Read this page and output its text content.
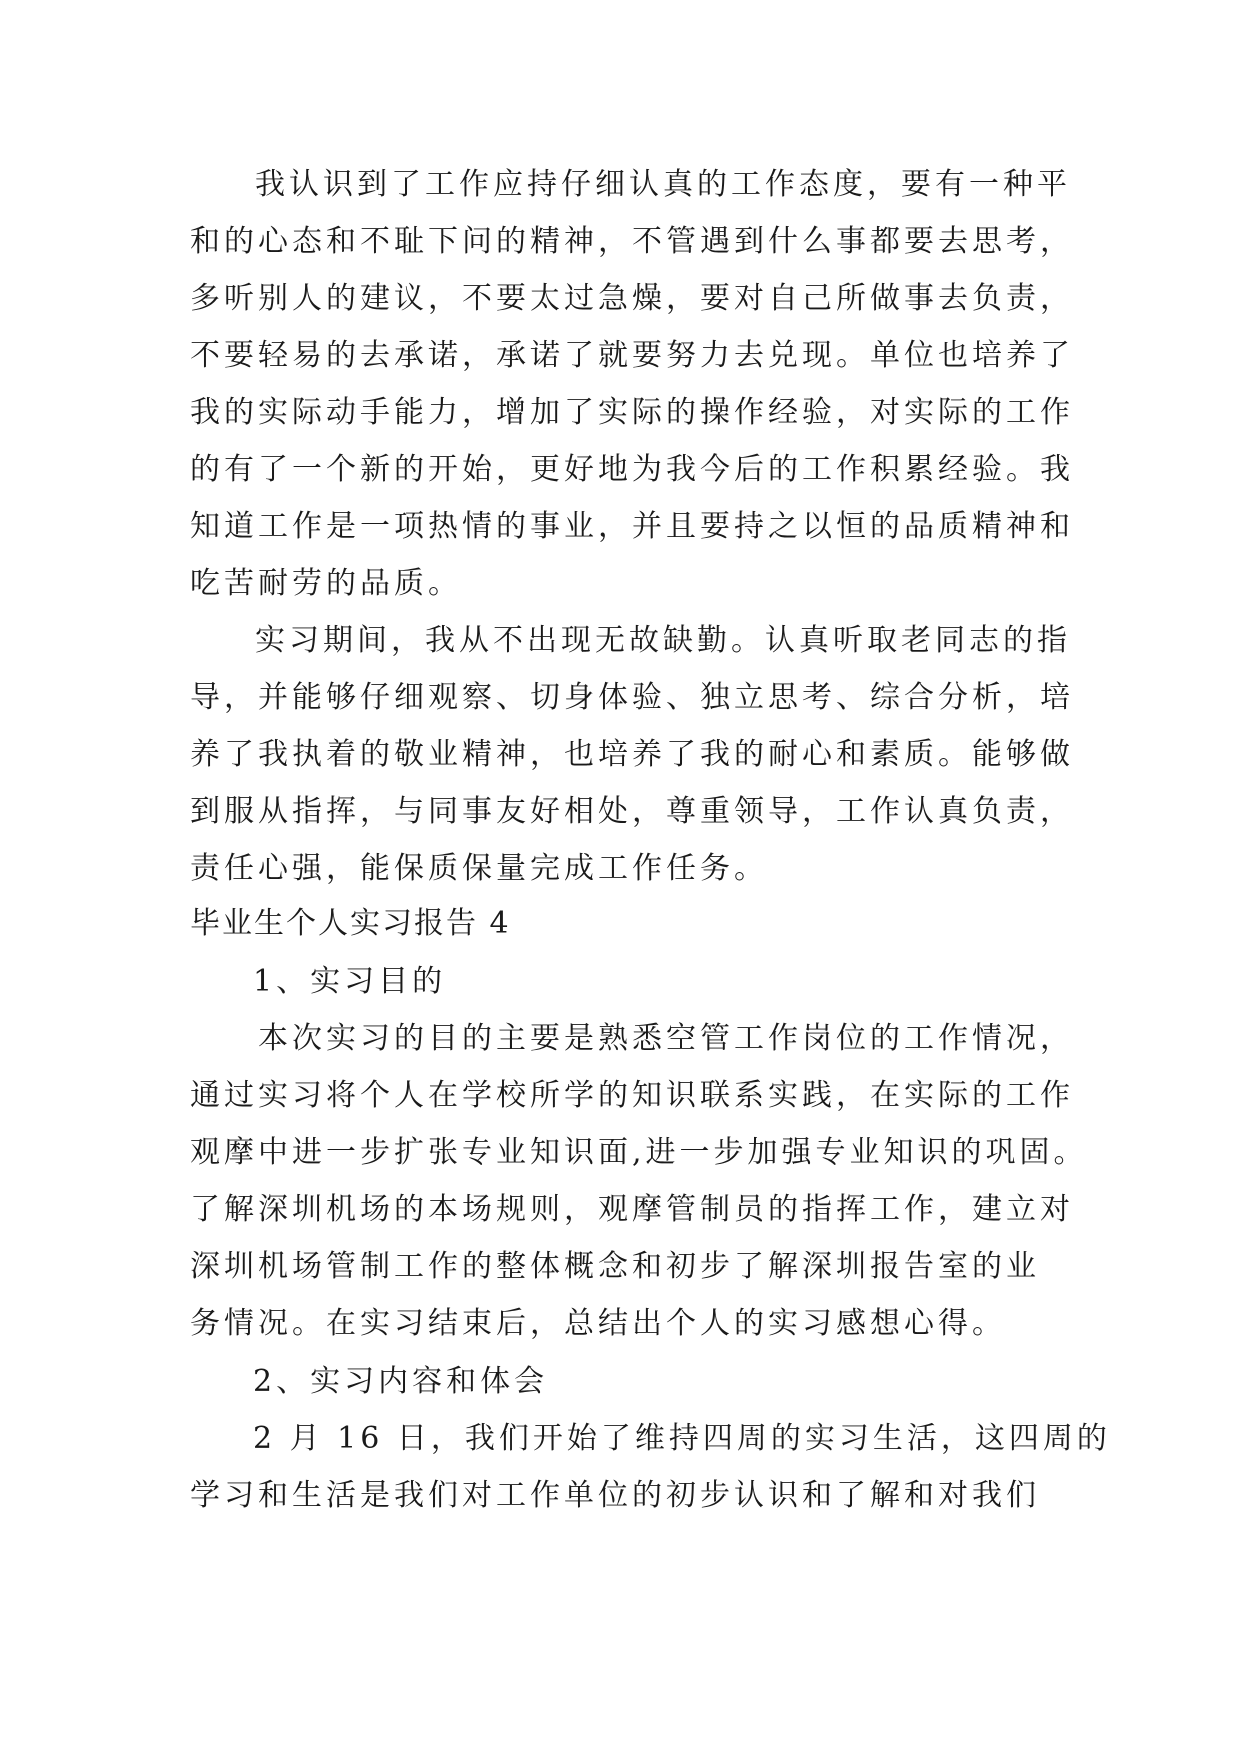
我认识到了工作应持仔细认真的工作态度，要有一种平
和的心态和不耻下问的精神，不管遇到什么事都要去思考，
多听别人的建议，不要太过急燥，要对自己所做事去负责，
不要轻易的去承诺，承诺了就要努力去兑现。单位也培养了
我的实际动手能力，增加了实际的操作经验，对实际的工作
的有了一个新的开始，更好地为我今后的工作积累经验。我
知道工作是一项热情的事业，并且要持之以恒的品质精神和
吃苦耐劳的品质。
实习期间，我从不出现无故缺勤。认真听取老同志的指
导，并能够仔细观察、切身体验、独立思考、综合分析，培
养了我执着的敬业精神，也培养了我的耐心和素质。能够做
到服从指挥，与同事友好相处，尊重领导，工作认真负责，
责任心强，能保质保量完成工作任务。
毕业生个人实习报告 4
1、实习目的
本次实习的目的主要是熟悉空管工作岗位的工作情况，
通过实习将个人在学校所学的知识联系实践，在实际的工作
观摩中进一步扩张专业知识面,进一步加强专业知识的巩固。
了解深圳机场的本场规则，观摩管制员的指挥工作，建立对
深圳机场管制工作的整体概念和初步了解深圳报告室的业
务情况。在实习结束后，总结出个人的实习感想心得。
2、实习内容和体会
2 月 16 日，我们开始了维持四周的实习生活，这四周的
学习和生活是我们对工作单位的初步认识和了解和对我们
